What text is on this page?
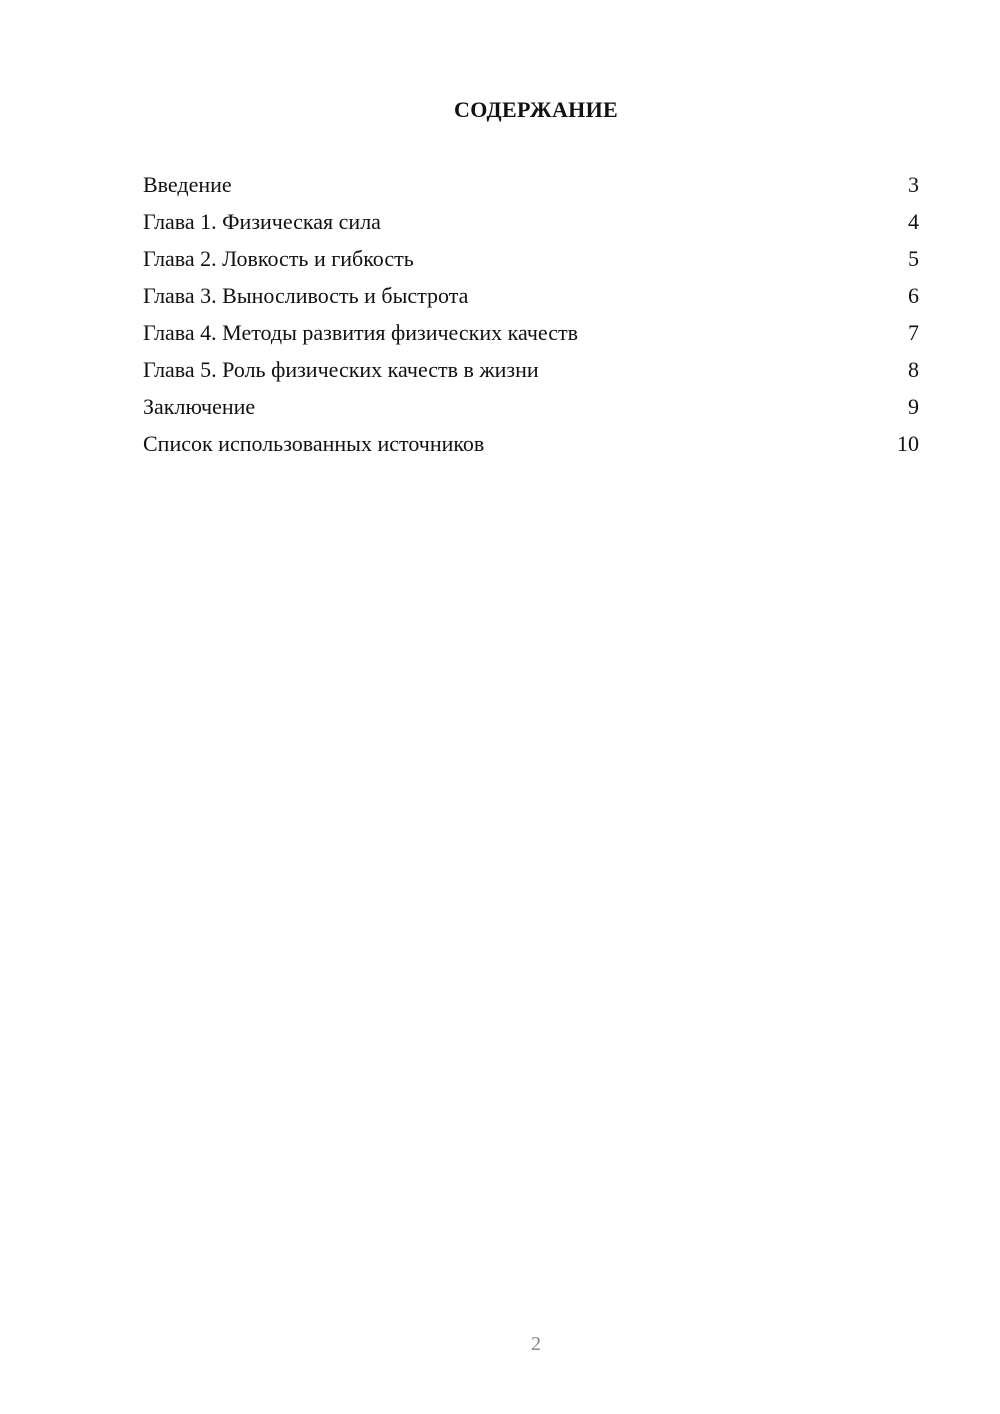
СОДЕРЖАНИЕ
Введение	3
Глава 1. Физическая сила	4
Глава 2. Ловкость и гибкость	5
Глава 3. Выносливость и быстрота	6
Глава 4. Методы развития физических качеств	7
Глава 5. Роль физических качеств в жизни	8
Заключение	9
Список использованных источников	10
2
